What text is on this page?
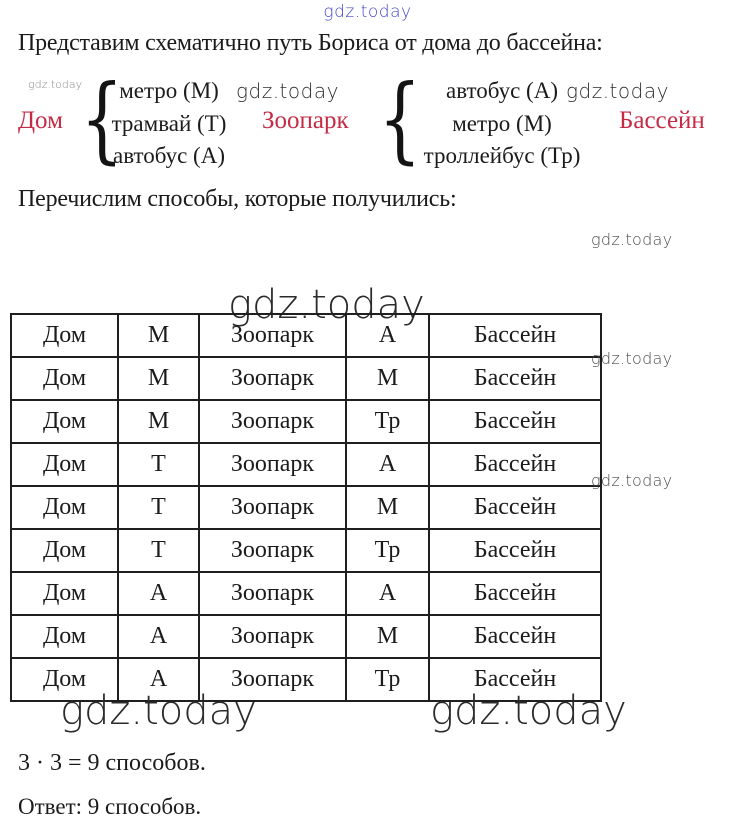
gdz.today
Представим схематично путь Бориса от дома до бассейна:
gdz.today
Дом {
метро (М)
трамвай (Т)
автобус (А)
gdz.today
Зоопарк {	автобус (А)
метро (М)
троллейбус (Тр)
gdz.today
Бассейн
Перечислим способы, которые получились:
gdz.today
gdz.today
Дом	М	Зоопарк	А	Бассейн
Дом	М	Зоопарк	М	Бассейн
Дом	М	Зоопарк	Тр	Бассейн
Дом	Т	Зоопарк	А	Бассейн
Дом	Т	Зоопарк	М	Бассейн
Дом	Т	Зоопарк	Тр	Бассейн
Дом	А	Зоопарк	А	Бассейн
Дом	А	Зоопарк	М	Бассейн
Дом	А	Зоопарк	Тр	Бассейн
gdz.today
gdz.today
gdz.today	gdz.today
3 · 3 = 9 способов.
Ответ: 9 способов.
